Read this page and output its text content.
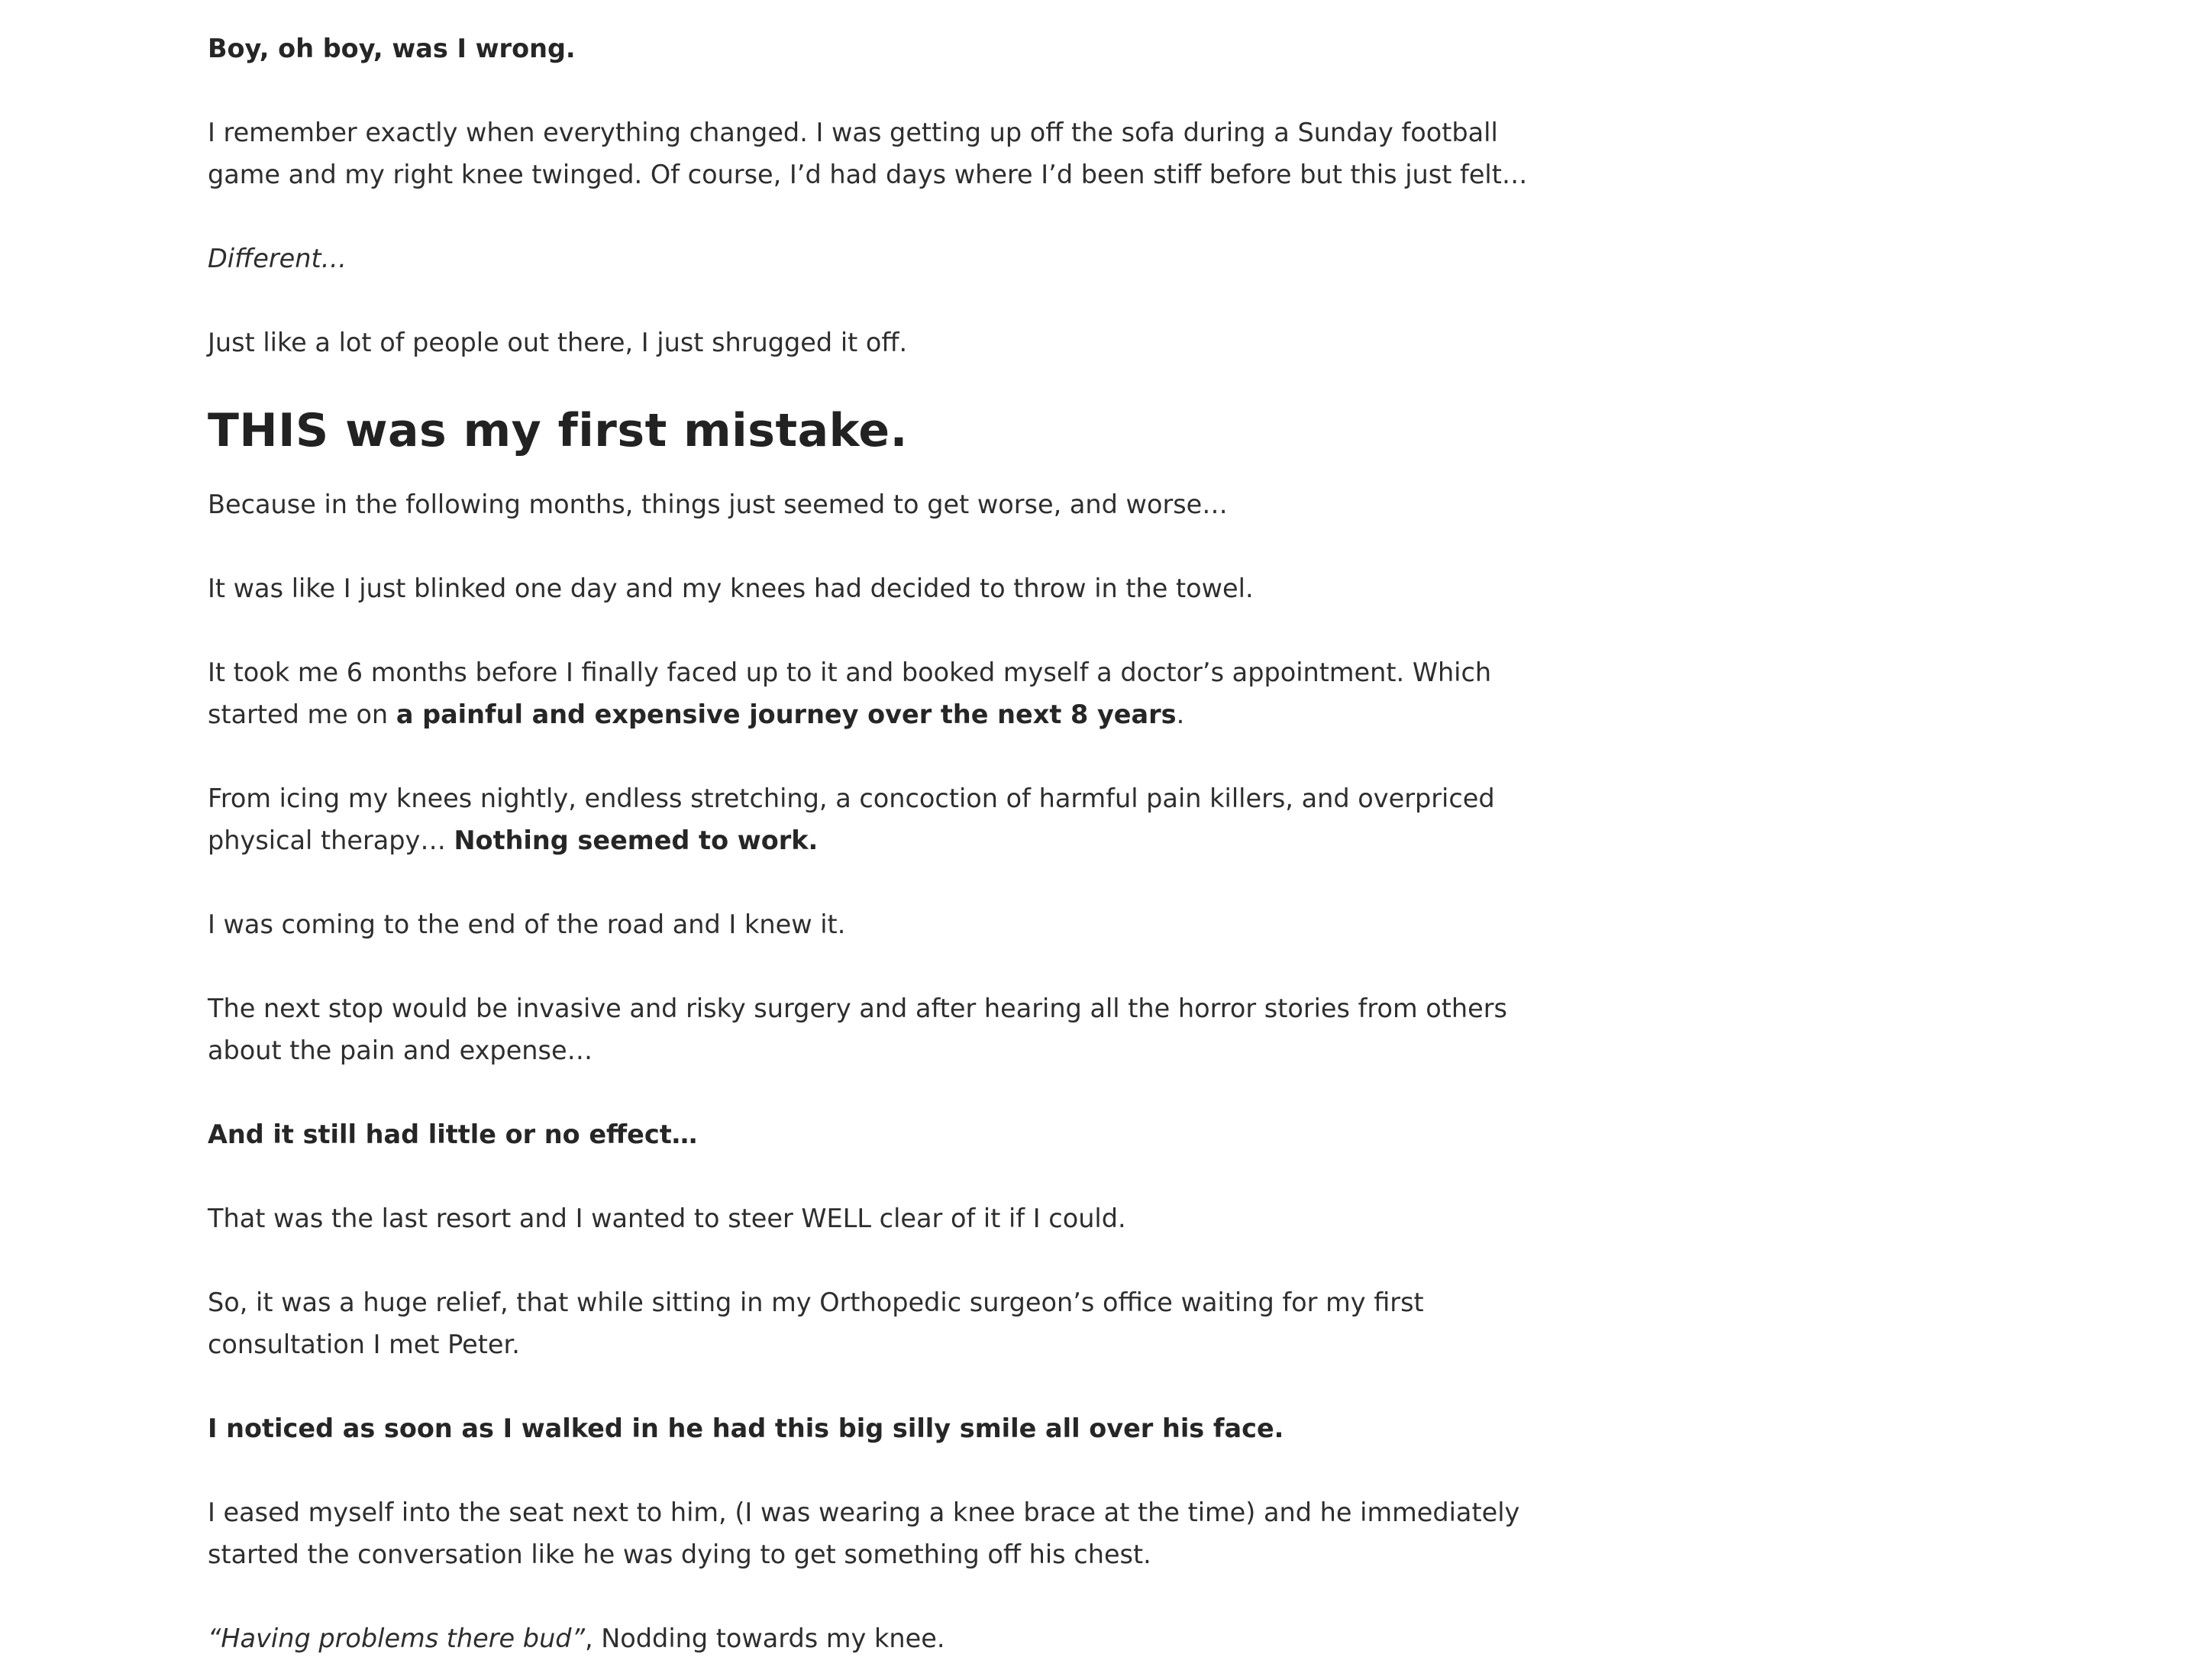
Boy, oh boy, was I wrong.

I remember exactly when everything changed. I was getting up off the sofa during a Sunday football game and my right knee twinged. Of course, I’d had days where I’d been stiff before but this just felt…

Different…

Just like a lot of people out there, I just shrugged it off.

THIS was my first mistake.

Because in the following months, things just seemed to get worse, and worse…

It was like I just blinked one day and my knees had decided to throw in the towel.

It took me 6 months before I finally faced up to it and booked myself a doctor’s appointment. Which started me on a painful and expensive journey over the next 8 years.

From icing my knees nightly, endless stretching, a concoction of harmful pain killers, and overpriced physical therapy… Nothing seemed to work.

I was coming to the end of the road and I knew it.

The next stop would be invasive and risky surgery and after hearing all the horror stories from others about the pain and expense…

And it still had little or no effect…

That was the last resort and I wanted to steer WELL clear of it if I could.

So, it was a huge relief, that while sitting in my Orthopedic surgeon’s office waiting for my first consultation I met Peter.

I noticed as soon as I walked in he had this big silly smile all over his face.

I eased myself into the seat next to him, (I was wearing a knee brace at the time) and he immediately started the conversation like he was dying to get something off his chest.

“Having problems there bud”, Nodding towards my knee.
